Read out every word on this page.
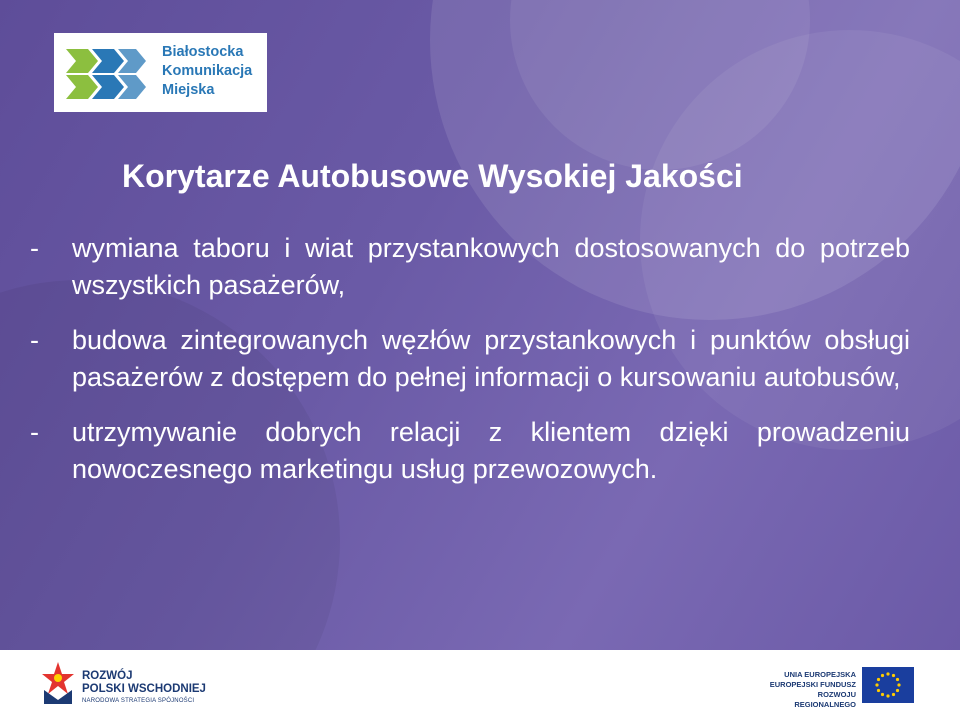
Białostocka
Komunikacja
Miejska
Korytarze Autobusowe Wysokiej Jakości
- wymiana taboru i wiat przystankowych dostosowanych do potrzeb wszystkich pasażerów,
- budowa zintegrowanych węzłów przystankowych i punktów obsługi pasażerów z dostępem do pełnej informacji o kursowaniu autobusów,
- utrzymywanie dobrych relacji z klientem dzięki prowadzeniu nowoczesnego marketingu usług przewozowych.
ROZWÓJ
POLSKI WSCHODNIEJ
NARODOWA STRATEGIA SPÓJNOŚCI
UNIA EUROPEJSKA
EUROPEJSKI FUNDUSZ
ROZWOJU REGIONALNEGO
